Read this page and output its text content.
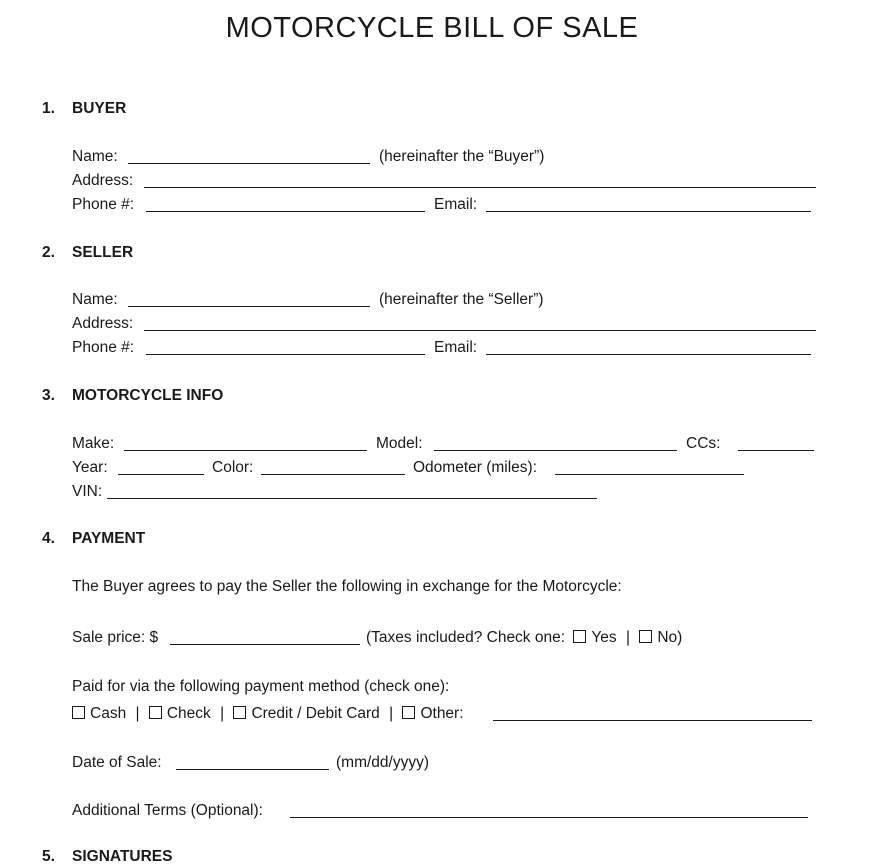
MOTORCYCLE BILL OF SALE
1. BUYER
Name:	(hereinafter the “Buyer”)
Address:
Phone #:	Email:
2. SELLER
Name:	(hereinafter the “Seller”)
Address:
Phone #:	Email:
3. MOTORCYCLE INFO
Make:	Model:	CCs:
Year:	Color:	Odometer (miles):
VIN:
4. PAYMENT
The Buyer agrees to pay the Seller the following in exchange for the Motorcycle:
Sale price: $	(Taxes included? Check one: Yes | No)
Paid for via the following payment method (check one):
Cash | Check | Credit / Debit Card | Other:
Date of Sale:	(mm/dd/yyyy)
Additional Terms (Optional):
5. SIGNATURES
